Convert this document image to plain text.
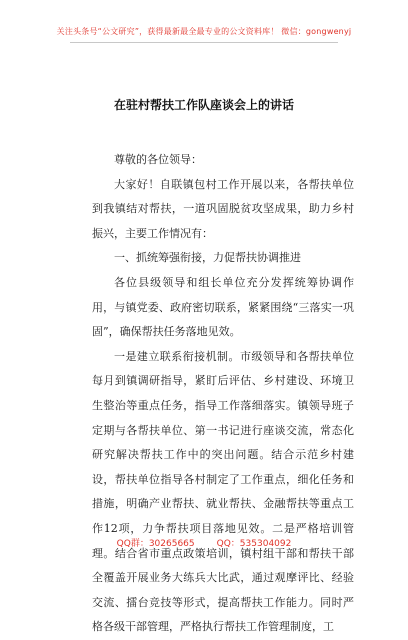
关注头条号“公文研究”，获得最新最全最专业的公文资料库！ 微信：gongwenyj
在驻村帮扶工作队座谈会上的讲话

尊敬的各位领导：

大家好！自联镇包村工作开展以来，各帮扶单位到我镇结对帮扶，一道巩固脱贫攻坚成果，助力乡村振兴，主要工作情况有：

一、抓统筹强衔接，力促帮扶协调推进

各位县级领导和组长单位充分发挥统筹协调作用，与镇党委、政府密切联系，紧紧围绕“三落实一巩固”，确保帮扶任务落地见效。

一是建立联系衔接机制。市级领导和各帮扶单位每月到镇调研指导，紧盯后评估、乡村建设、环境卫生整治等重点任务，指导工作落细落实。镇领导班子定期与各帮扶单位、第一书记进行座谈交流，常态化研究解决帮扶工作中的突出问题。结合示范乡村建设，帮扶单位指导各村制定了工作重点，细化任务和措施，明确产业帮扶、就业帮扶、金融帮扶等重点工作12项，力争帮扶项目落地见效。二是严格培训管理。结合省市重点政策培训，镇村组干部和帮扶干部全覆盖开展业务大练兵大比武，通过观摩评比、经验交流、擂台竞技等形式，提高帮扶工作能力。同时严格各级干部管理，严格执行帮扶工作管理制度，工

QQ群：30265665 QQ：535304092
